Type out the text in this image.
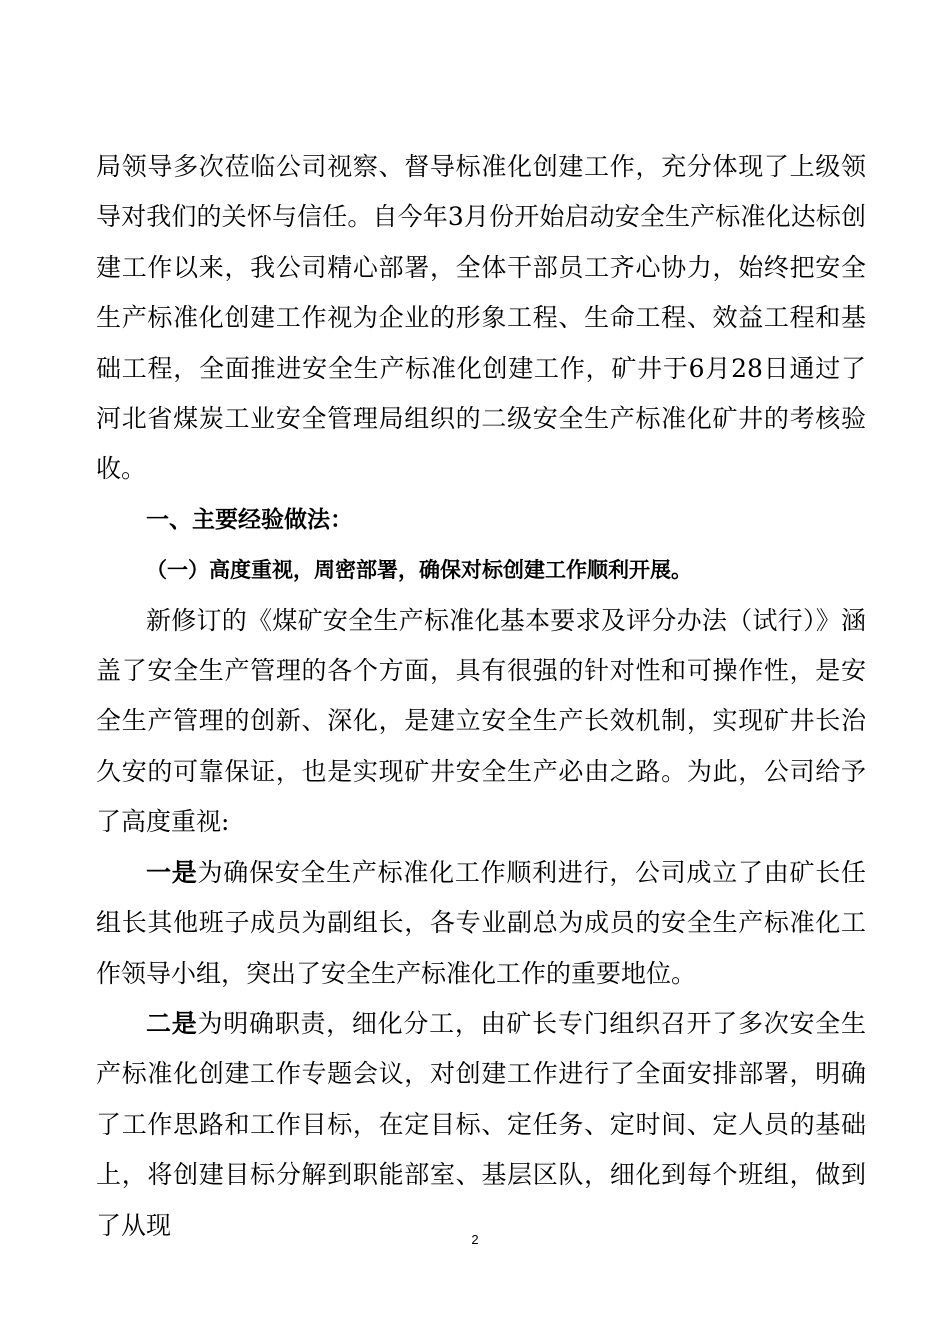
局领导多次莅临公司视察、督导标准化创建工作，充分体现了上级领导对我们的关怀与信任。自今年3月份开始启动安全生产标准化达标创建工作以来，我公司精心部署，全体干部员工齐心协力，始终把安全生产标准化创建工作视为企业的形象工程、生命工程、效益工程和基础工程，全面推进安全生产标准化创建工作，矿井于6月28日通过了河北省煤炭工业安全管理局组织的二级安全生产标准化矿井的考核验收。

一、主要经验做法：
（一）高度重视，周密部署，确保对标创建工作顺利开展。

新修订的《煤矿安全生产标准化基本要求及评分办法（试行）》涵盖了安全生产管理的各个方面，具有很强的针对性和可操作性，是安全生产管理的创新、深化，是建立安全生产长效机制，实现矿井长治久安的可靠保证，也是实现矿井安全生产必由之路。为此，公司给予了高度重视:

一是为确保安全生产标准化工作顺利进行，公司成立了由矿长任组长其他班子成员为副组长，各专业副总为成员的安全生产标准化工作领导小组，突出了安全生产标准化工作的重要地位。

二是为明确职责，细化分工，由矿长专门组织召开了多次安全生产标准化创建工作专题会议，对创建工作进行了全面安排部署，明确了工作思路和工作目标，在定目标、定任务、定时间、定人员的基础上，将创建目标分解到职能部室、基层区队，细化到每个班组，做到了从现	2
